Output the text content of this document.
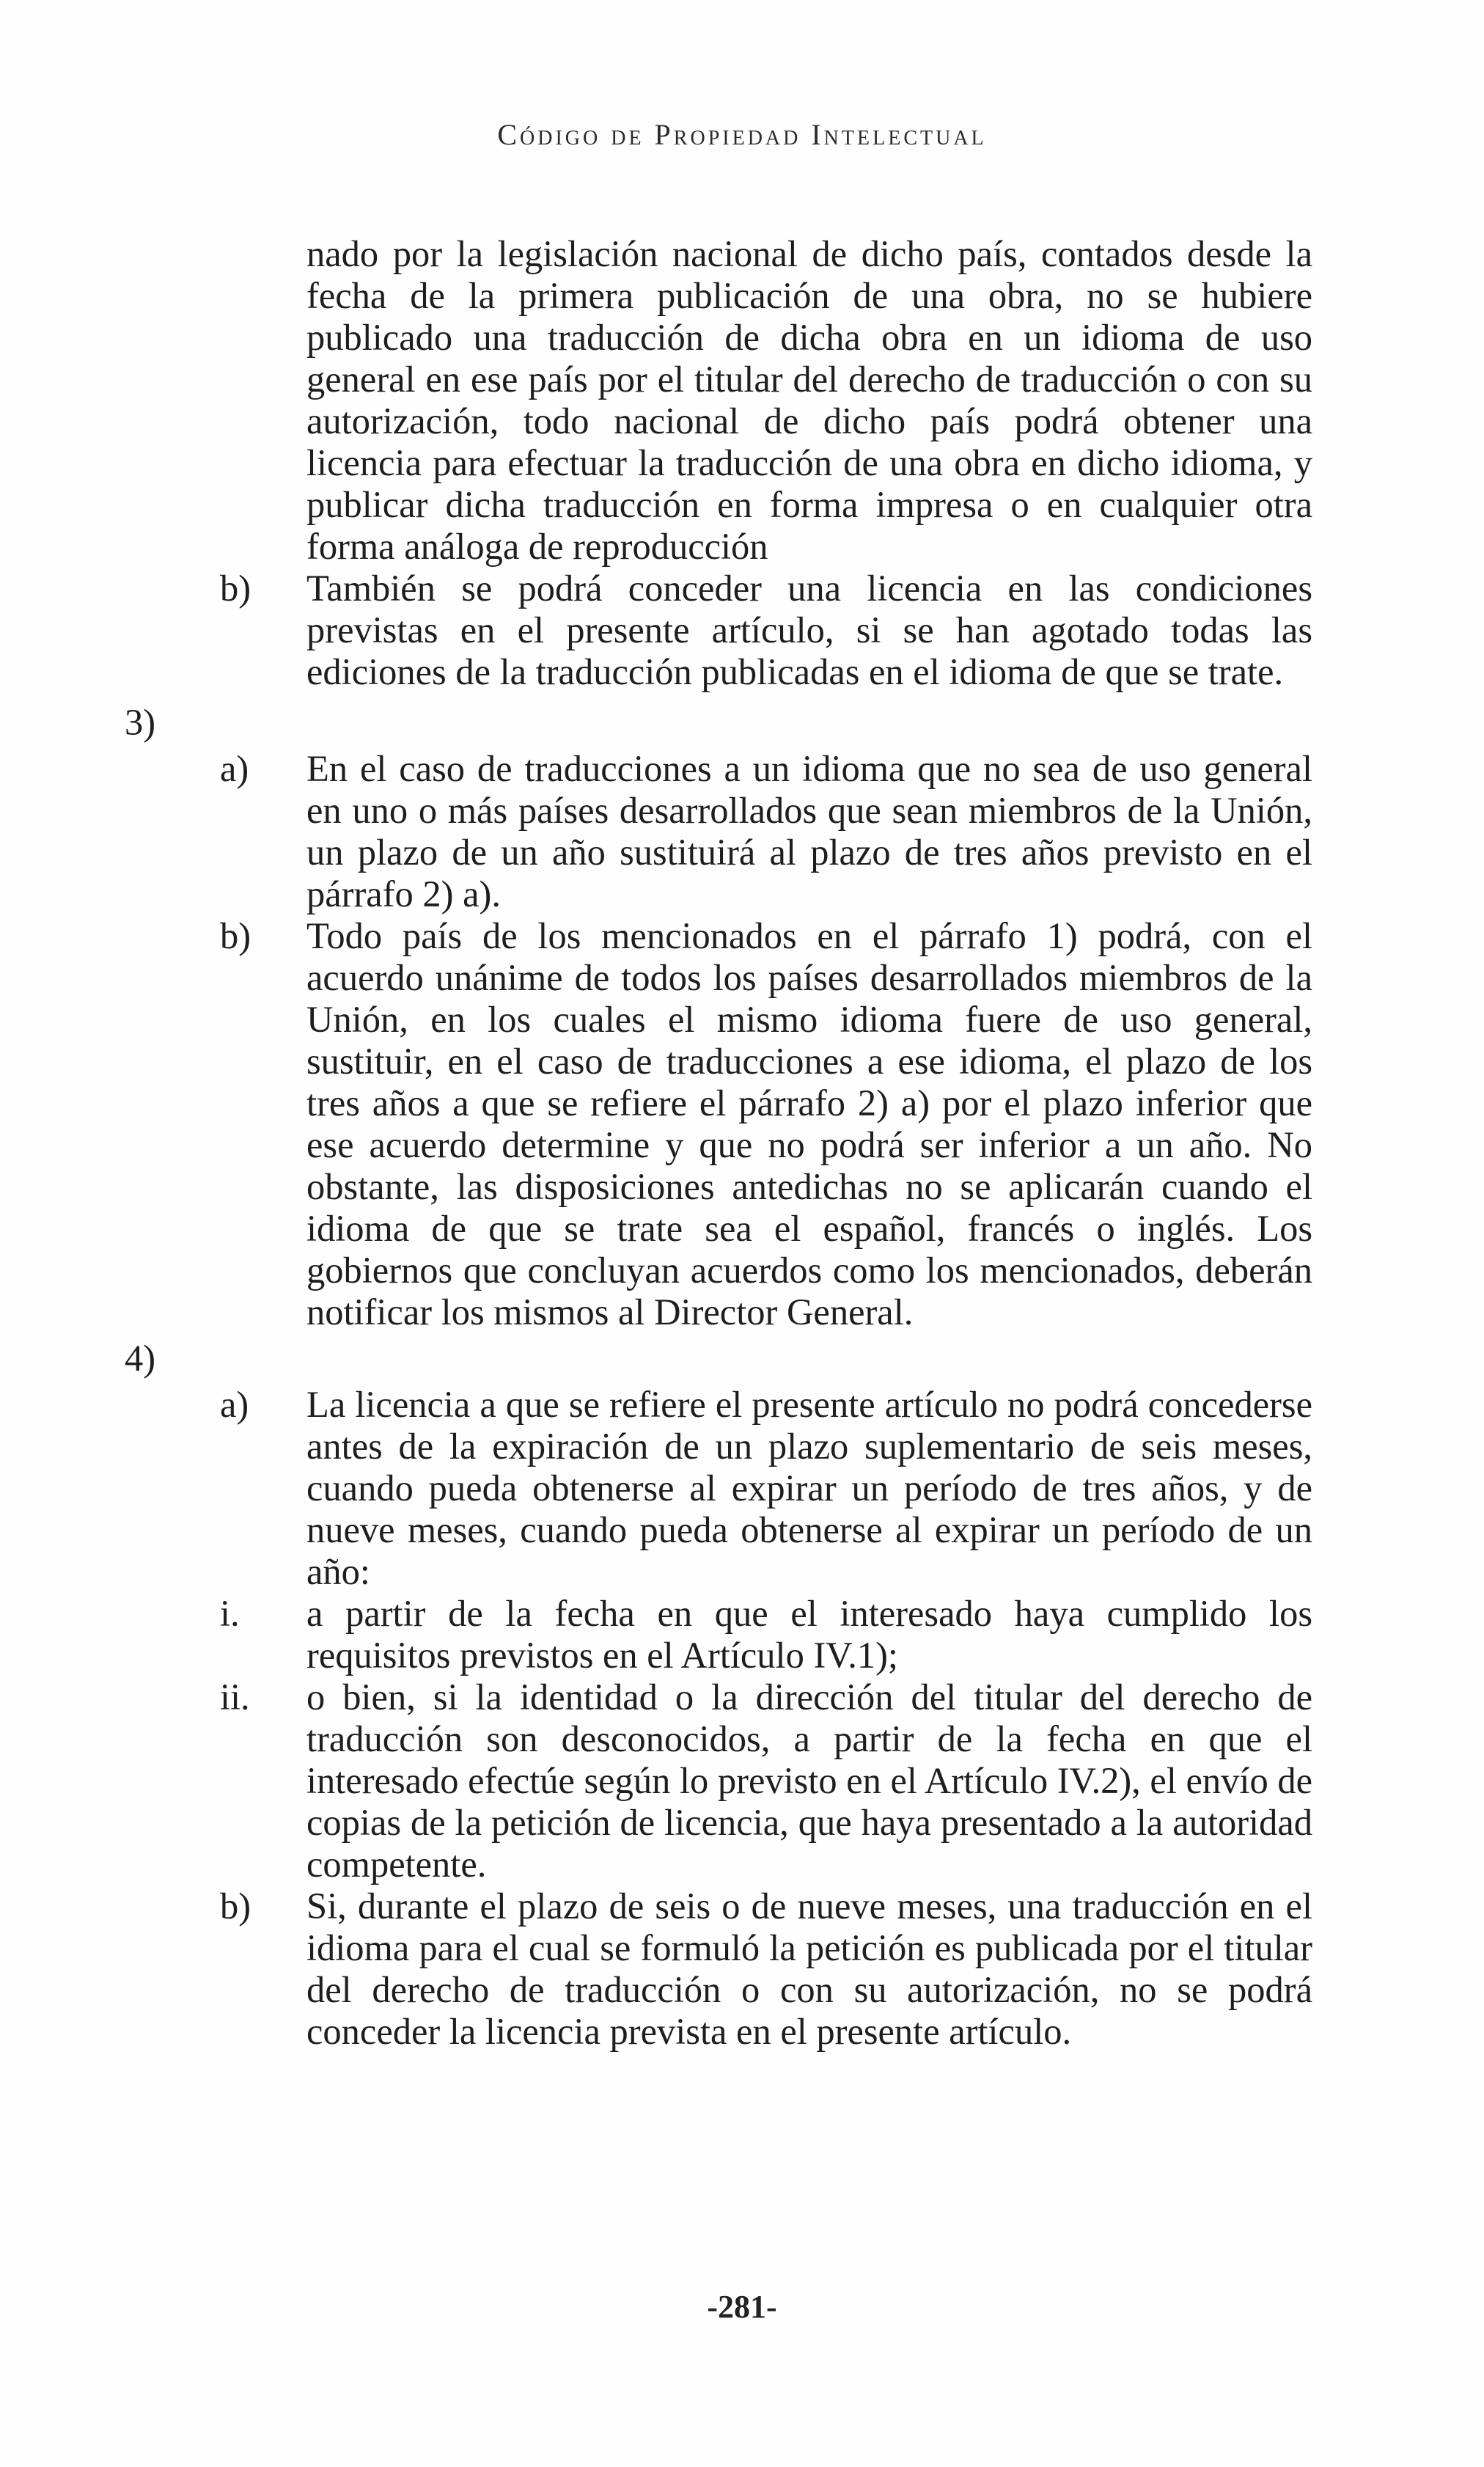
Código de Propiedad Intelectual
nado por la legislación nacional de dicho país, contados desde la fecha de la primera publicación de una obra, no se hubiere publicado una traducción de dicha obra en un idioma de uso general en ese país por el titular del derecho de traducción o con su autorización, todo nacional de dicho país podrá obtener una licencia para efectuar la traducción de una obra en dicho idioma, y publicar dicha traducción en forma impresa o en cualquier otra forma análoga de reproducción
b)	También se podrá conceder una licencia en las condiciones previstas en el presente artículo, si se han agotado todas las ediciones de la traducción publicadas en el idioma de que se trate.
3)
a)	En el caso de traducciones a un idioma que no sea de uso general en uno o más países desarrollados que sean miembros de la Unión, un plazo de un año sustituirá al plazo de tres años previsto en el párrafo 2) a).
b)	Todo país de los mencionados en el párrafo 1) podrá, con el acuerdo unánime de todos los países desarrollados miembros de la Unión, en los cuales el mismo idioma fuere de uso general, sustituir, en el caso de traducciones a ese idioma, el plazo de los tres años a que se refiere el párrafo 2) a) por el plazo inferior que ese acuerdo determine y que no podrá ser inferior a un año. No obstante, las disposiciones antedichas no se aplicarán cuando el idioma de que se trate sea el español, francés o inglés. Los gobiernos que concluyan acuerdos como los mencionados, deberán notificar los mismos al Director General.
4)
a)	La licencia a que se refiere el presente artículo no podrá concederse antes de la expiración de un plazo suplementario de seis meses, cuando pueda obtenerse al expirar un período de tres años, y de nueve meses, cuando pueda obtenerse al expirar un período de un año:
i.	a partir de la fecha en que el interesado haya cumplido los requisitos previstos en el Artículo IV.1);
ii.	o bien, si la identidad o la dirección del titular del derecho de traducción son desconocidos, a partir de la fecha en que el interesado efectúe según lo previsto en el Artículo IV.2), el envío de copias de la petición de licencia, que haya presentado a la autoridad competente.
b)	Si, durante el plazo de seis o de nueve meses, una traducción en el idioma para el cual se formuló la petición es publicada por el titular del derecho de traducción o con su autorización, no se podrá conceder la licencia prevista en el presente artículo.
-281-
